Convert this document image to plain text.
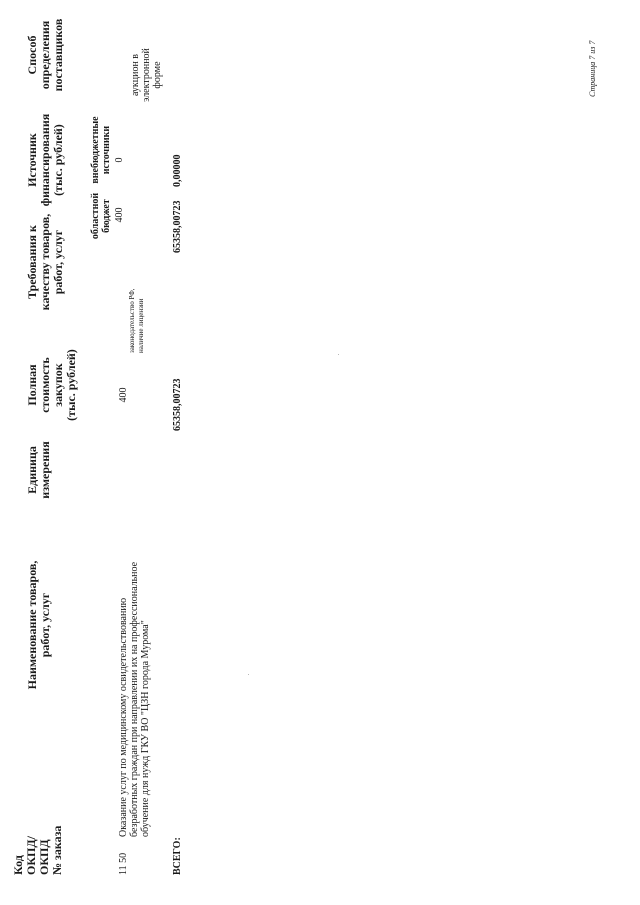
Код ОКПД/ ОКПД № заказа
Наименование товаров, работ, услуг
Единица измерения
Полная стоимость закупок (тыс. рублей)
Требования к качеству товаров, работ, услуг
Источник финансирования (тыс. рублей)
Способ определения поставщиков
областной бюджет
внебюджетные источники
11 50
Оказание услуг по медицинскому освидетельствованию безработных граждан при направлении их на профессиональное обучение для нужд ГКУ ВО "ЦЗН города Мурома"
400
законодательство РФ, наличие лицензии
400
0
аукцион в электронной форме
ВСЕГО:
65358,00723
65358,00723
0,00000
Страница 7 из 7
